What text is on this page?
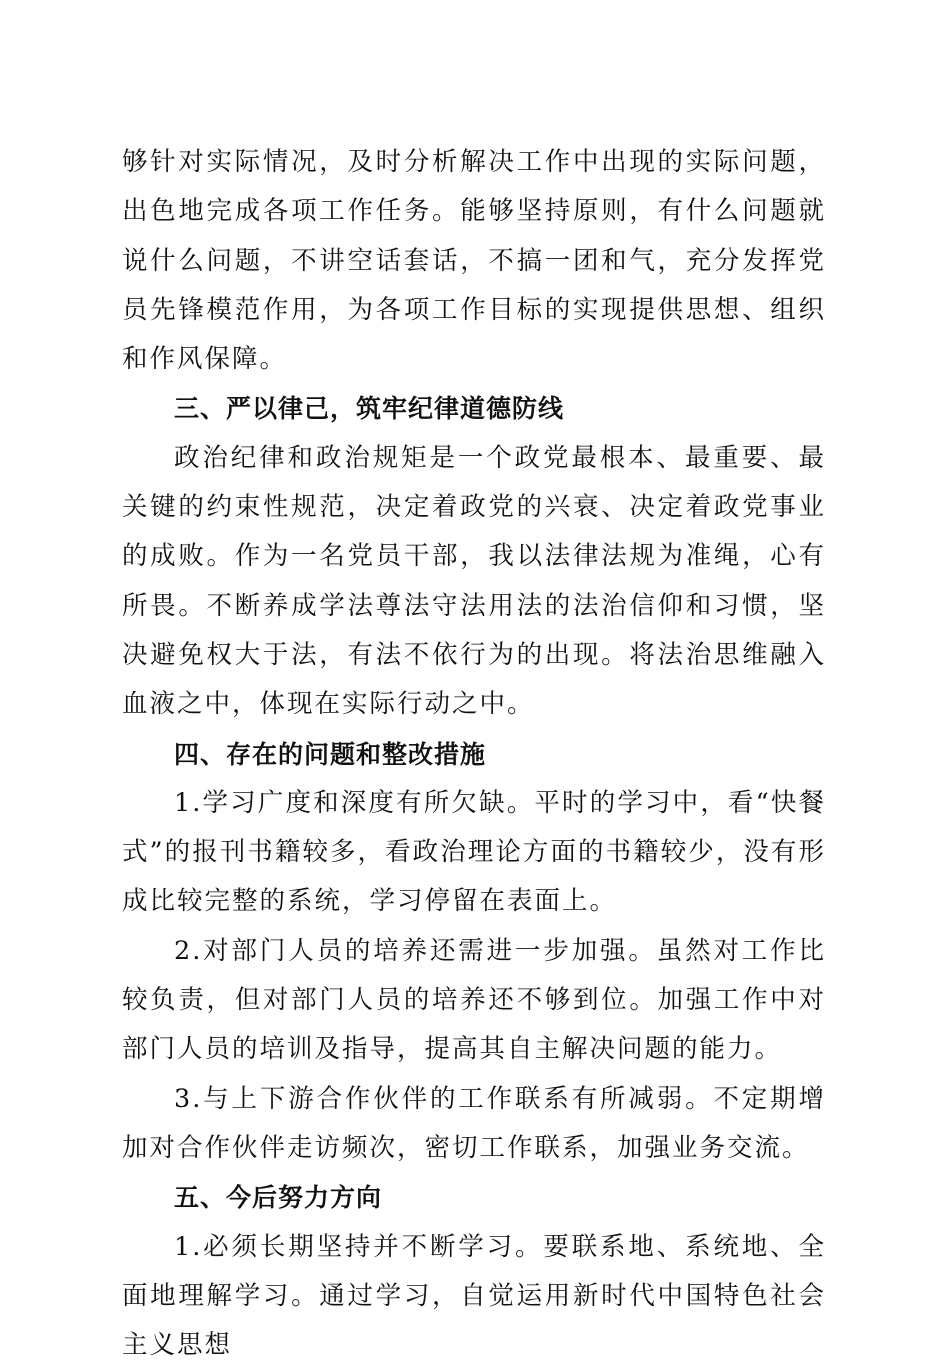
够针对实际情况，及时分析解决工作中出现的实际问题，出色地完成各项工作任务。能够坚持原则，有什么问题就说什么问题，不讲空话套话，不搞一团和气，充分发挥党员先锋模范作用，为各项工作目标的实现提供思想、组织和作风保障。

三、严以律己，筑牢纪律道德防线

政治纪律和政治规矩是一个政党最根本、最重要、最关键的约束性规范，决定着政党的兴衰、决定着政党事业的成败。作为一名党员干部，我以法律法规为准绳，心有所畏。不断养成学法尊法守法用法的法治信仰和习惯，坚决避免权大于法，有法不依行为的出现。将法治思维融入血液之中，体现在实际行动之中。

四、存在的问题和整改措施

1.学习广度和深度有所欠缺。平时的学习中，看“快餐式”的报刊书籍较多，看政治理论方面的书籍较少，没有形成比较完整的系统，学习停留在表面上。

2.对部门人员的培养还需进一步加强。虽然对工作比较负责，但对部门人员的培养还不够到位。加强工作中对部门人员的培训及指导，提高其自主解决问题的能力。

3.与上下游合作伙伴的工作联系有所减弱。不定期增加对合作伙伴走访频次，密切工作联系，加强业务交流。

五、今后努力方向

1.必须长期坚持并不断学习。要联系地、系统地、全面地理解学习。通过学习，自觉运用新时代中国特色社会主义思想
